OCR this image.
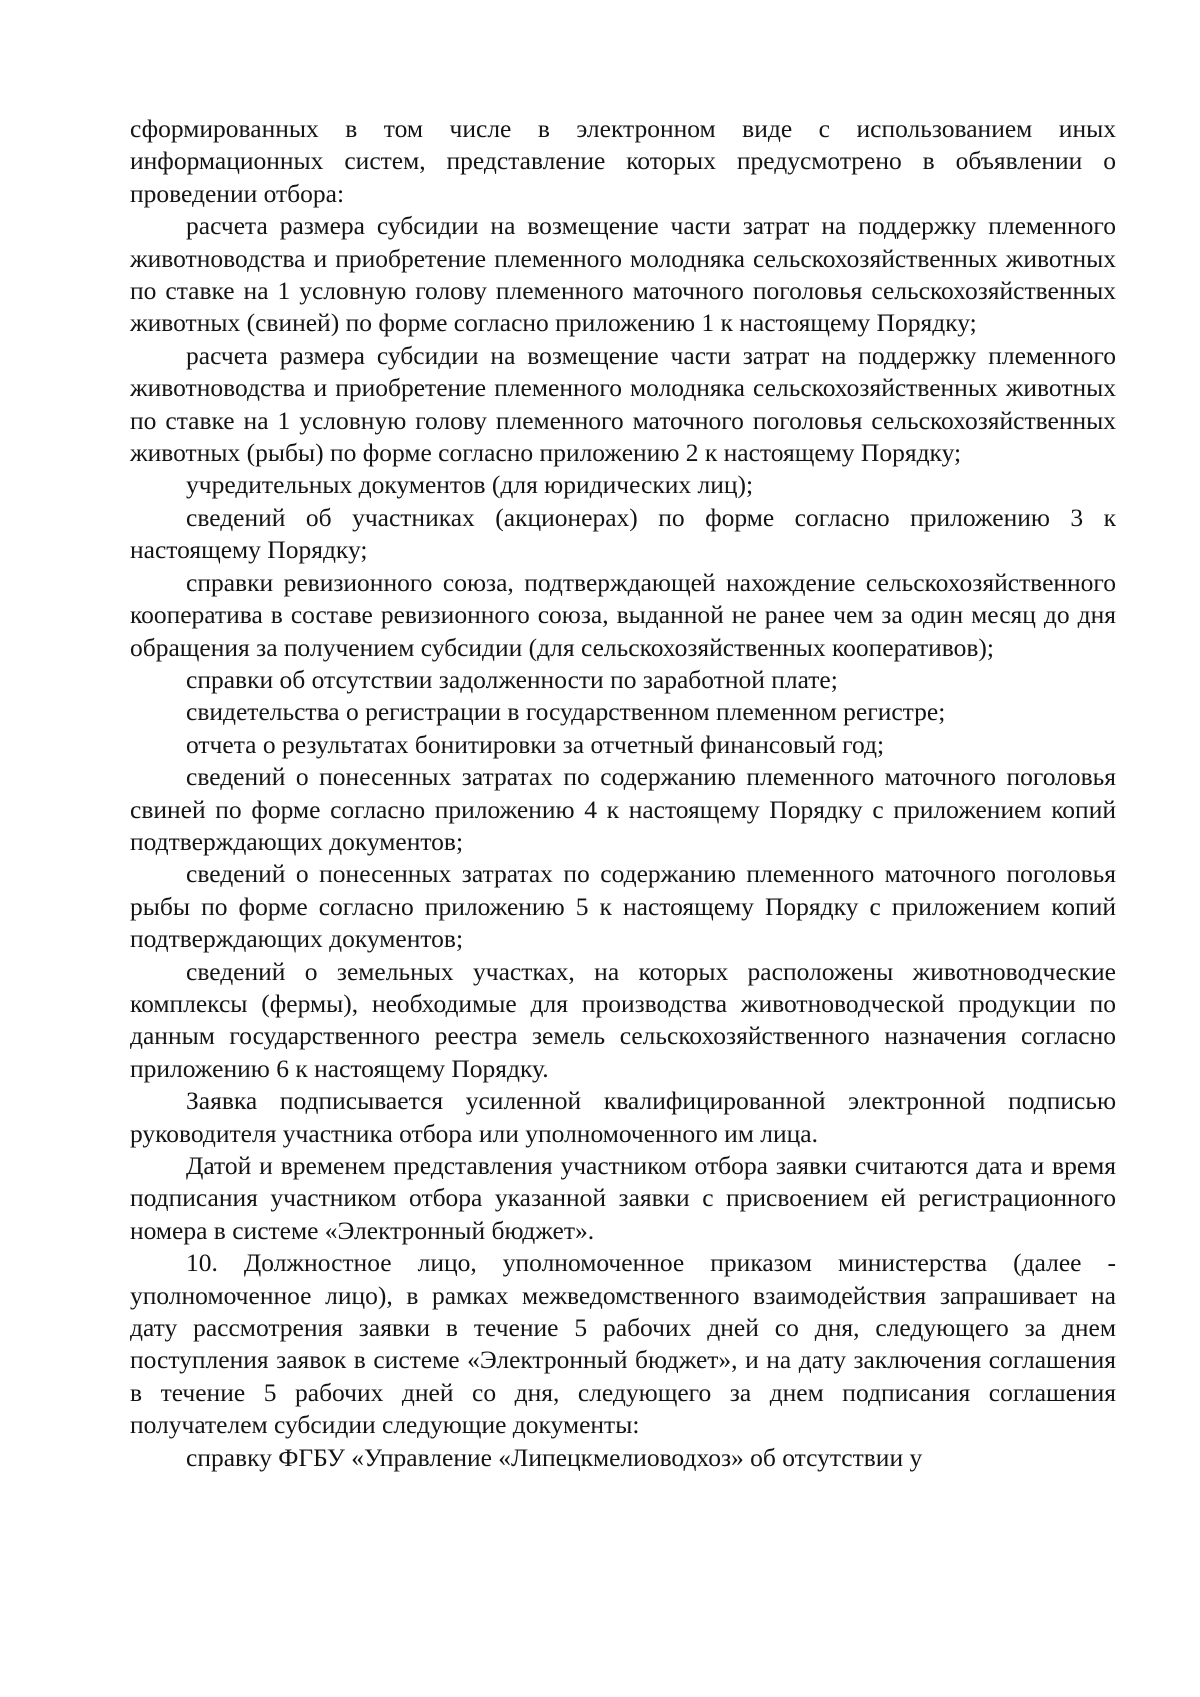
сформированных в том числе в электронном виде с использованием иных информационных систем, представление которых предусмотрено в объявлении о проведении отбора:

расчета размера субсидии на возмещение части затрат на поддержку племенного животноводства и приобретение племенного молодняка сельскохозяйственных животных по ставке на 1 условную голову племенного маточного поголовья сельскохозяйственных животных (свиней) по форме согласно приложению 1 к настоящему Порядку;

расчета размера субсидии на возмещение части затрат на поддержку племенного животноводства и приобретение племенного молодняка сельскохозяйственных животных по ставке на 1 условную голову племенного маточного поголовья сельскохозяйственных животных (рыбы) по форме согласно приложению 2 к настоящему Порядку;

учредительных документов (для юридических лиц);

сведений об участниках (акционерах) по форме согласно приложению 3 к настоящему Порядку;

справки ревизионного союза, подтверждающей нахождение сельскохозяйственного кооператива в составе ревизионного союза, выданной не ранее чем за один месяц до дня обращения за получением субсидии (для сельскохозяйственных кооперативов);

справки об отсутствии задолженности по заработной плате;

свидетельства о регистрации в государственном племенном регистре;

отчета о результатах бонитировки за отчетный финансовый год;

сведений о понесенных затратах по содержанию племенного маточного поголовья свиней по форме согласно приложению 4 к настоящему Порядку с приложением копий подтверждающих документов;

сведений о понесенных затратах по содержанию племенного маточного поголовья рыбы по форме согласно приложению 5 к настоящему Порядку с приложением копий подтверждающих документов;

сведений о земельных участках, на которых расположены животноводческие комплексы (фермы), необходимые для производства животноводческой продукции по данным государственного реестра земель сельскохозяйственного назначения согласно приложению 6 к настоящему Порядку.

Заявка подписывается усиленной квалифицированной электронной подписью руководителя участника отбора или уполномоченного им лица.

Датой и временем представления участником отбора заявки считаются дата и время подписания участником отбора указанной заявки с присвоением ей регистрационного номера в системе «Электронный бюджет».

10. Должностное лицо, уполномоченное приказом министерства (далее - уполномоченное лицо), в рамках межведомственного взаимодействия запрашивает на дату рассмотрения заявки в течение 5 рабочих дней со дня, следующего за днем поступления заявок в системе «Электронный бюджет», и на дату заключения соглашения в течение 5 рабочих дней со дня, следующего за днем подписания соглашения получателем субсидии следующие документы:

справку ФГБУ «Управление «Липецкмелиоводхоз» об отсутствии у
